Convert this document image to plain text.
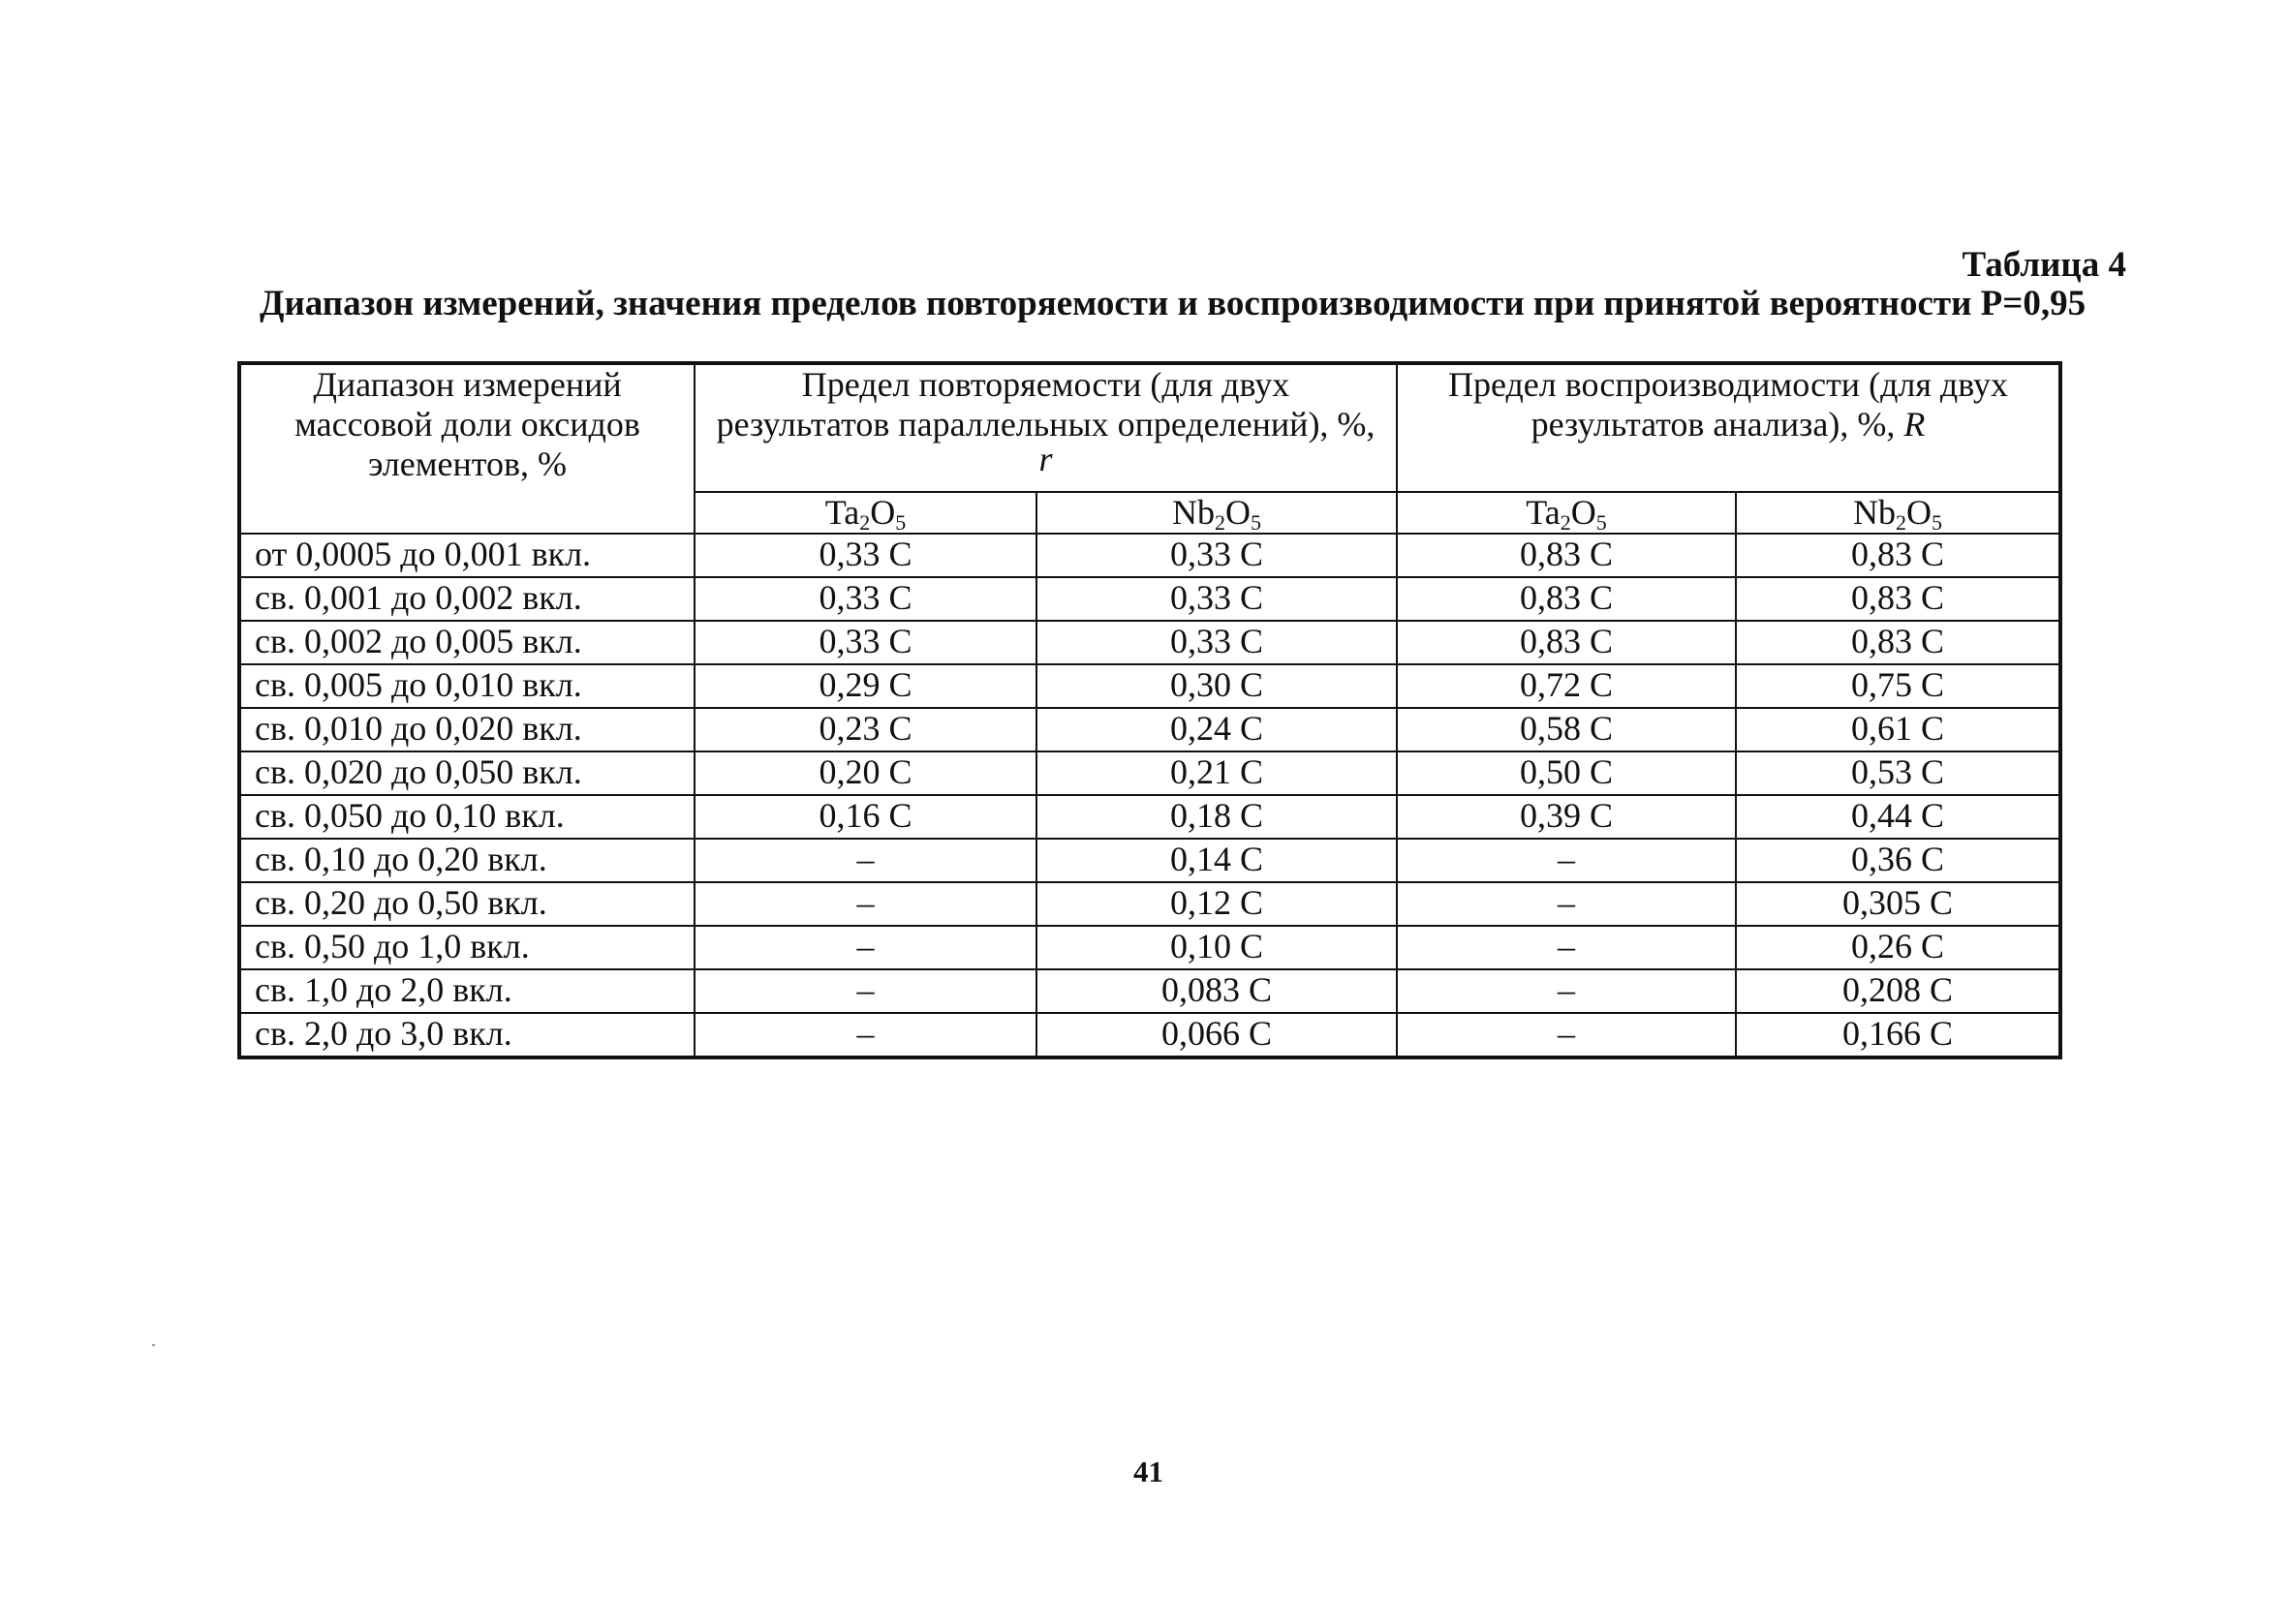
Таблица 4
Диапазон измерений, значения пределов повторяемости и воспроизводимости при принятой вероятности Р=0,95
Диапазон измерений массовой доли оксидов элементов, %	Предел повторяемости (для двух результатов параллельных определений), %,
r		Предел воспроизводимости (для двух результатов анализа), %, R	

	$Ta_2O_5$	$Nb_2O_5$	$Ta_2O_5$	$Nb_2O_5$
от 0,0005 до 0,001 вкл.	0,33 С	0,33 С	0,83 С	0,83 С
св. 0,001 до 0,002 вкл.	0,33 С	0,33 С	0,83 С	0,83 С
св. 0,002 до 0,005 вкл.	0,33 С	0,33 С	0,83 С	0,83 С
св. 0,005 до 0,010 вкл.	0,29 С	0,30 С	0,72 С	0,75 С
св. 0,010 до 0,020 вкл.	0,23 С	0,24 С	0,58 С	0,61 С
св. 0,020 до 0,050 вкл.	0,20 С	0,21 С	0,50 С	0,53 С
св. 0,050 до 0,10 вкл.	0,16 С	0,18 С	0,39 С	0,44 С
св. 0,10 до 0,20 вкл.	–	0,14 С	–	0,36 С
св. 0,20 до 0,50 вкл.	–	0,12 С	–	0,305 С
св. 0,50 до 1,0 вкл.	–	0,10 С	–	0,26 С
св. 1,0 до 2,0 вкл.	–	0,083 С	–	0,208 С
св. 2,0 до 3,0 вкл.	–	0,066 С	–	0,166 С
41
